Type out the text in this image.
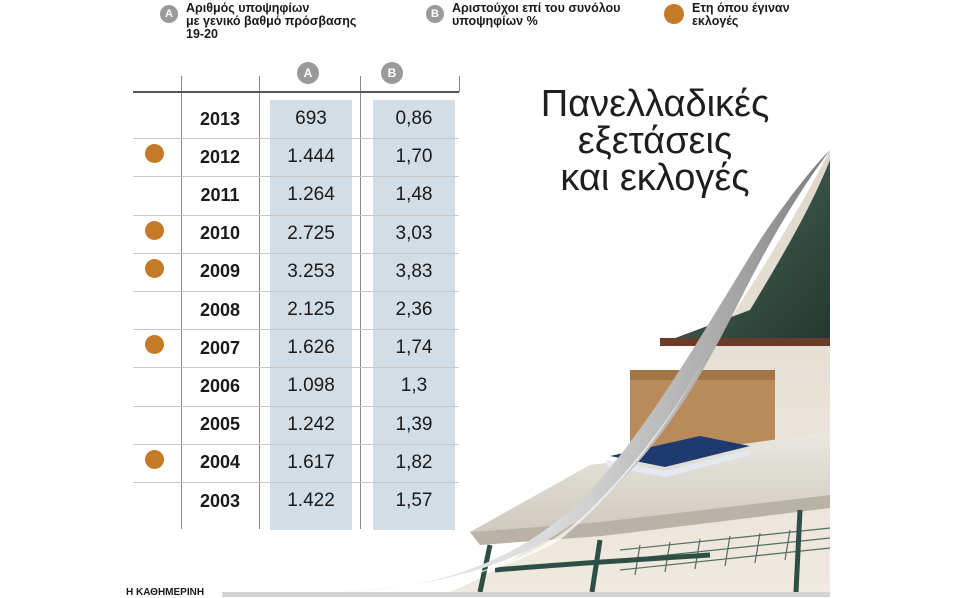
A	Αριθμός υποψηφίων
με γενικό βαθμό πρόσβασης
19-20
B	Αριστούχοι επί του συνόλου
υποψηφίων %
Ετη όπου έγιναν
εκλογές
A	B
2013	693	0,86
2012	1.444	1,70
2011	1.264	1,48
2010	2.725	3,03
2009	3.253	3,83
2008	2.125	2,36
2007	1.626	1,74
2006	1.098	1,3
2005	1.242	1,39
2004	1.617	1,82
2003	1.422	1,57
Πανελλαδικές
εξετάσεις
και εκλογές
Η ΚΑΘΗΜΕΡΙΝΗ
